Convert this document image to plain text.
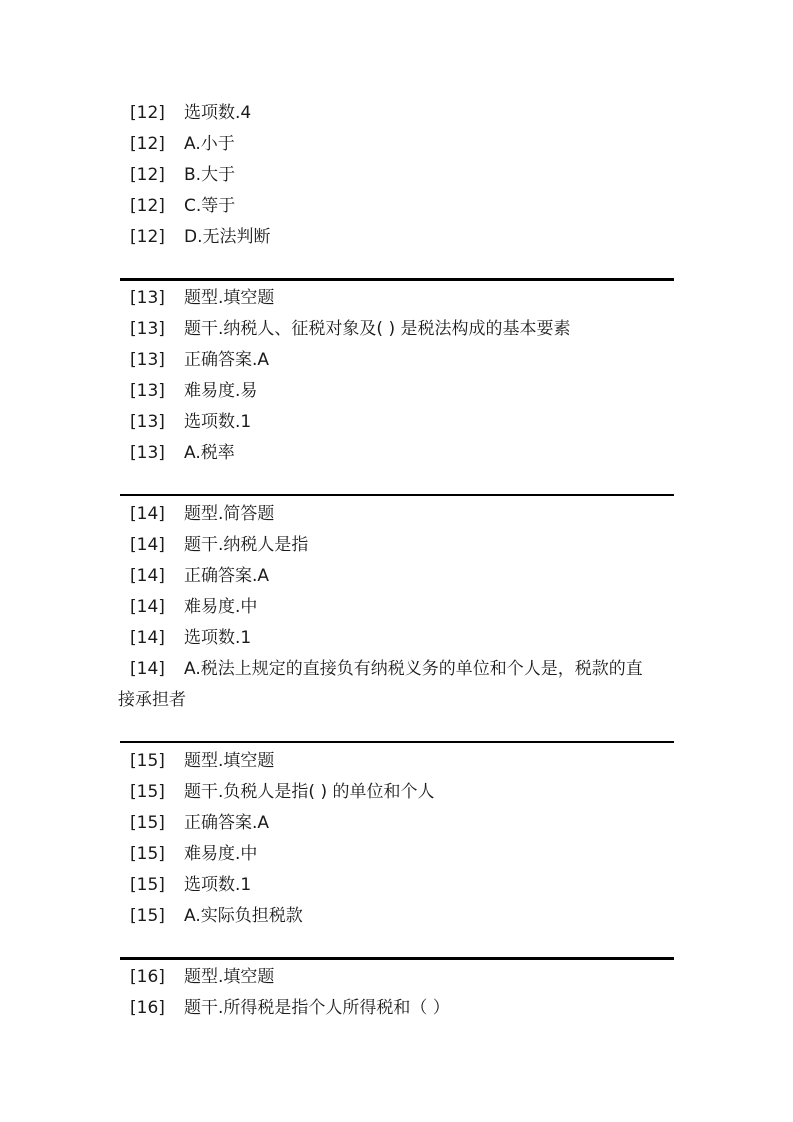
[12] 选项数.4
[12] A.小于
[12] B.大于
[12] C.等于
[12] D.无法判断
[13] 题型.填空题
[13] 题干.纳税人、征税对象及( ) 是税法构成的基本要素
[13] 正确答案.A
[13] 难易度.易
[13] 选项数.1
[13] A.税率
[14] 题型.简答题
[14] 题干.纳税人是指
[14] 正确答案.A
[14] 难易度.中
[14] 选项数.1
[14] A.税法上规定的直接负有纳税义务的单位和个人是，税款的直
接承担者
[15] 题型.填空题
[15] 题干.负税人是指( ) 的单位和个人
[15] 正确答案.A
[15] 难易度.中
[15] 选项数.1
[15] A.实际负担税款
[16] 题型.填空题
[16] 题干.所得税是指个人所得税和（ ）
